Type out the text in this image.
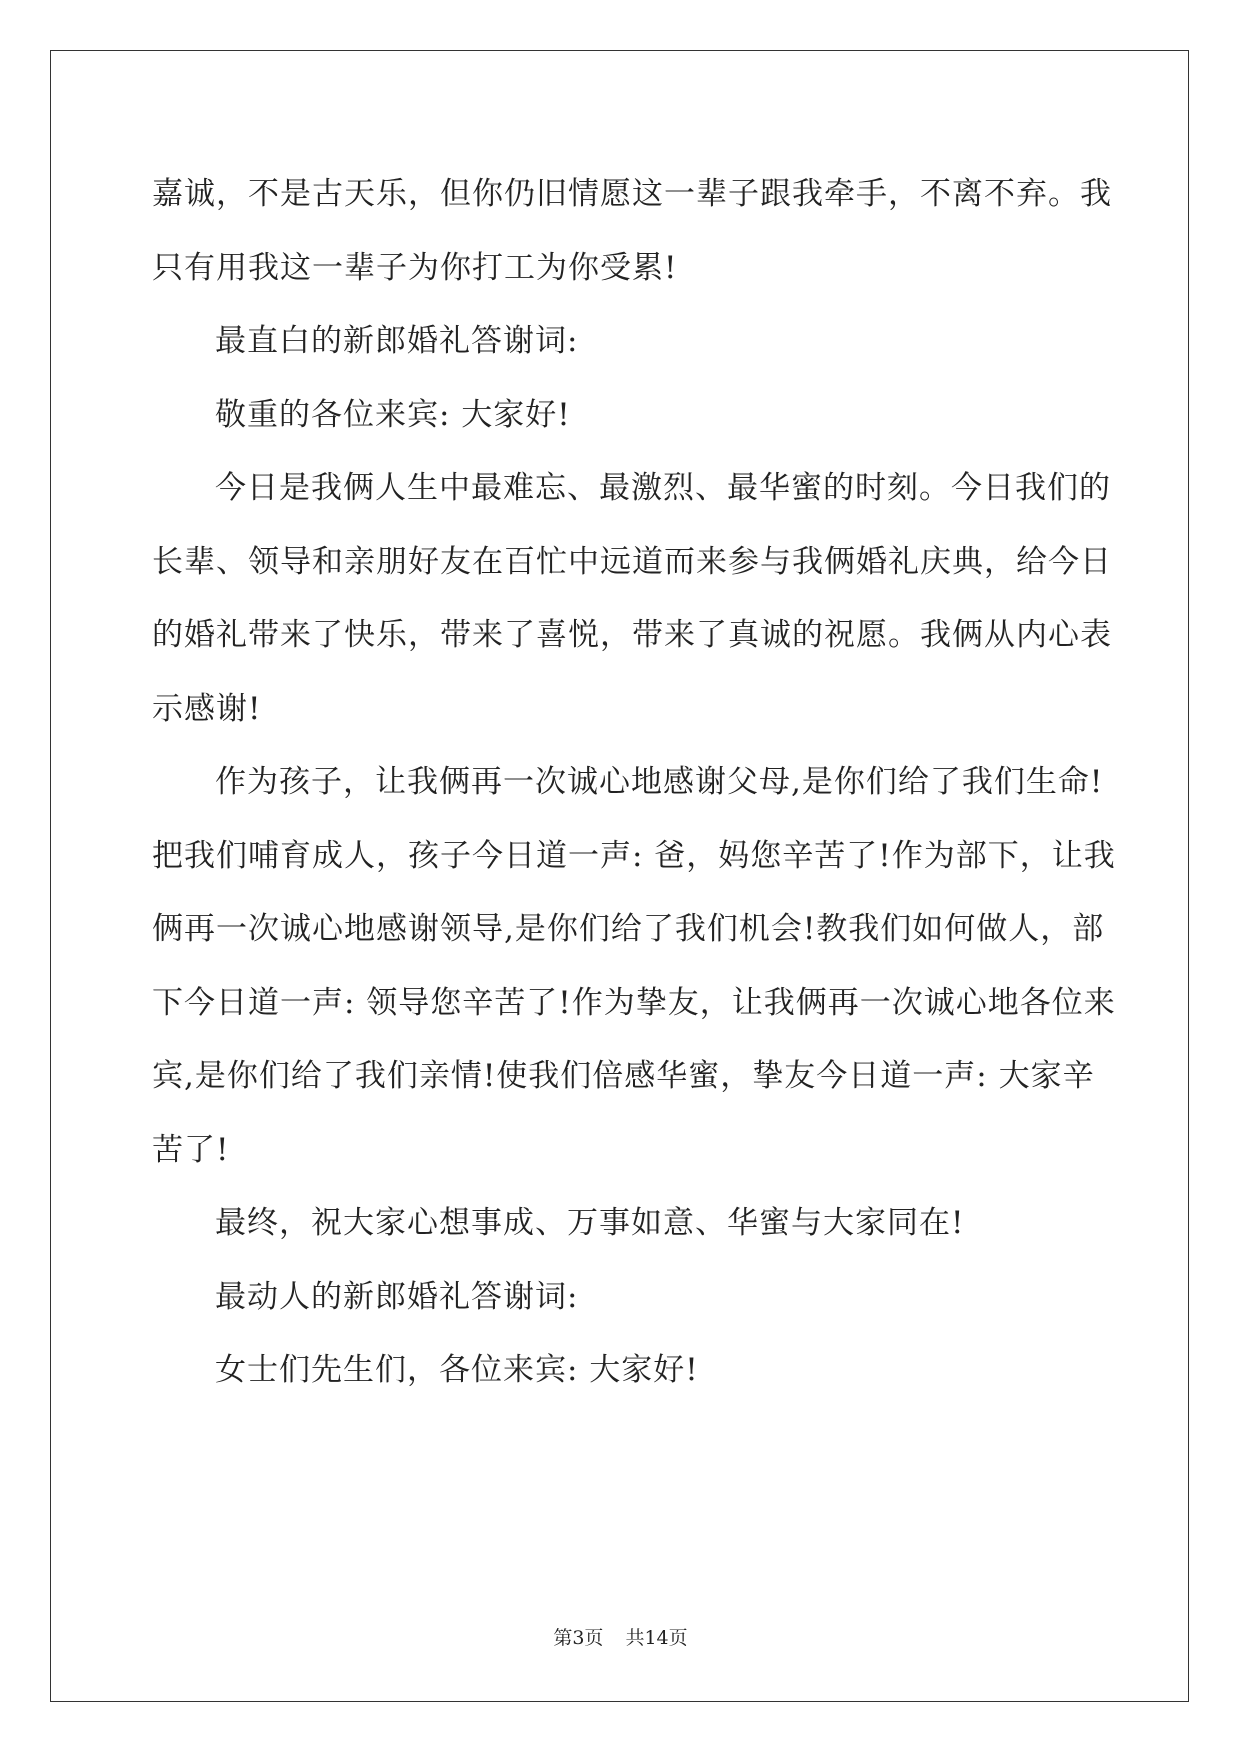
嘉诚，不是古天乐，但你仍旧情愿这一辈子跟我牵手，不离不弃。我
只有用我这一辈子为你打工为你受累!
最直白的新郎婚礼答谢词:
敬重的各位来宾: 大家好!
今日是我俩人生中最难忘、最激烈、最华蜜的时刻。今日我们的
长辈、领导和亲朋好友在百忙中远道而来参与我俩婚礼庆典，给今日
的婚礼带来了快乐，带来了喜悦，带来了真诚的祝愿。我俩从内心表
示感谢!
作为孩子，让我俩再一次诚心地感谢父母,是你们给了我们生命!
把我们哺育成人，孩子今日道一声: 爸，妈您辛苦了!作为部下，让我
俩再一次诚心地感谢领导,是你们给了我们机会!教我们如何做人，部
下今日道一声: 领导您辛苦了!作为挚友，让我俩再一次诚心地各位来
宾,是你们给了我们亲情!使我们倍感华蜜，挚友今日道一声: 大家辛
苦了!
最终，祝大家心想事成、万事如意、华蜜与大家同在!
最动人的新郎婚礼答谢词:
女士们先生们，各位来宾: 大家好!
第3页 共14页
